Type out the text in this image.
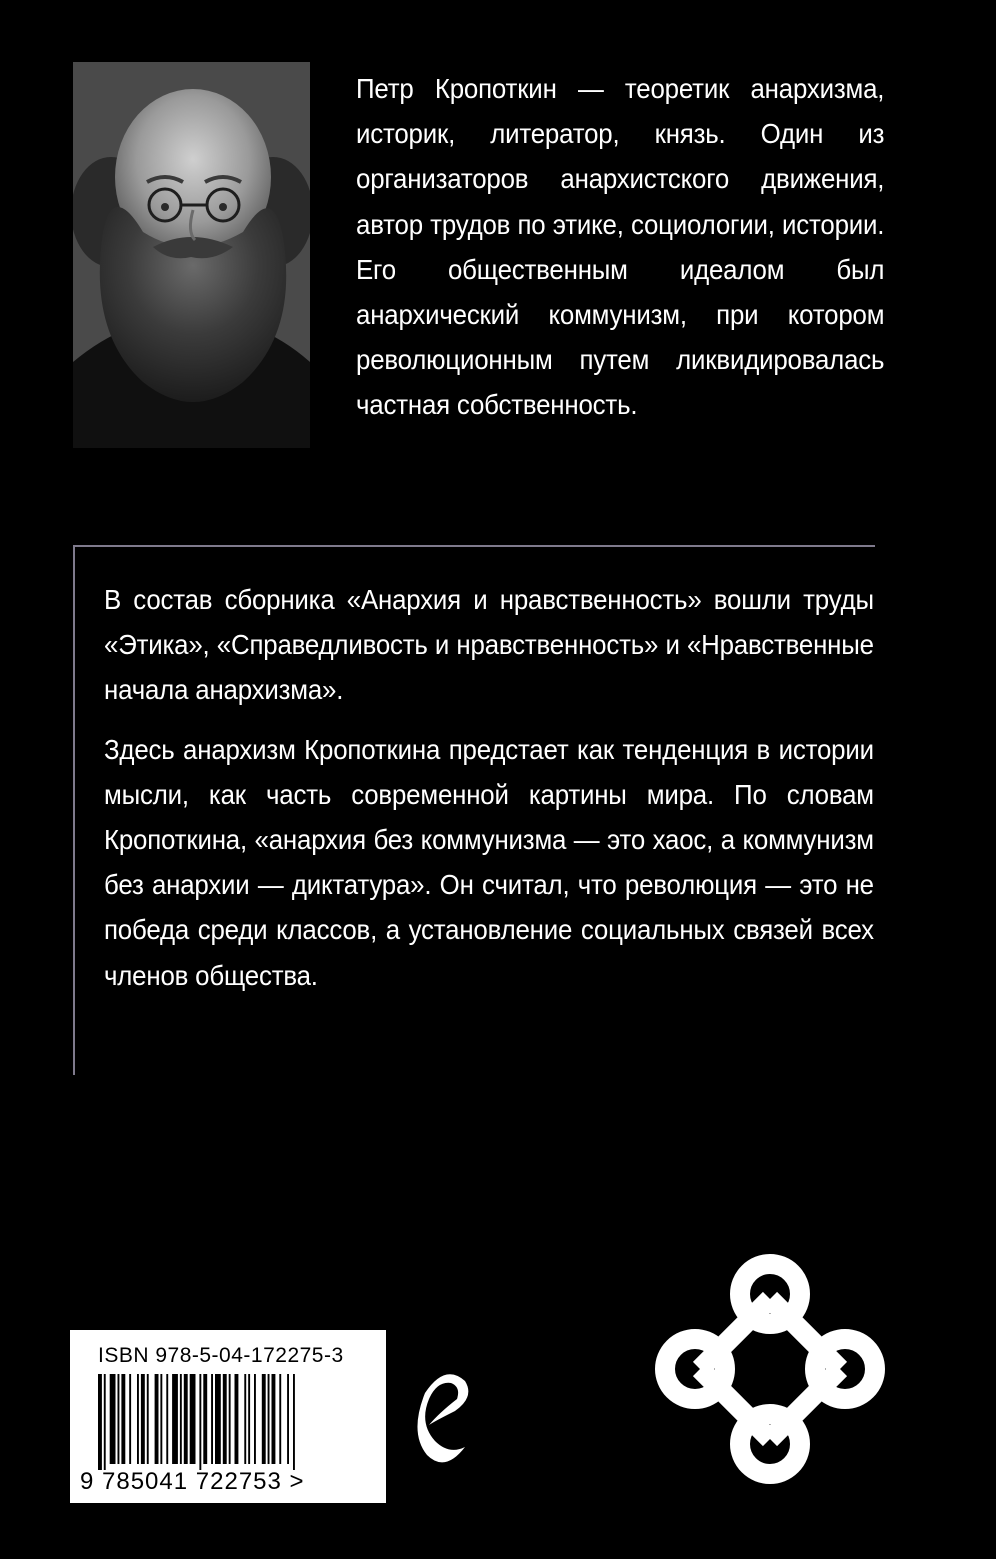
Петр Кропоткин — теоретик анархизма, историк, литератор, князь. Один из организаторов анархистского движения, автор трудов по этике, социологии, истории. Его общественным идеалом был анархический коммунизм, при котором революционным путем ликвидировалась частная собственность.

В состав сборника «Анархия и нравственность» вошли труды «Этика», «Справедливость и нравственность» и «Нравственные начала анархизма».

Здесь анархизм Кропоткина предстает как тенденция в истории мысли, как часть современной картины мира. По словам Кропоткина, «анархия без коммунизма — это хаос, а коммунизм без анархии — диктатура». Он считал, что революция — это не победа среди классов, а установление социальных связей всех членов общества.

ISBN 978-5-04-172275-3
9 785041 722753 >
